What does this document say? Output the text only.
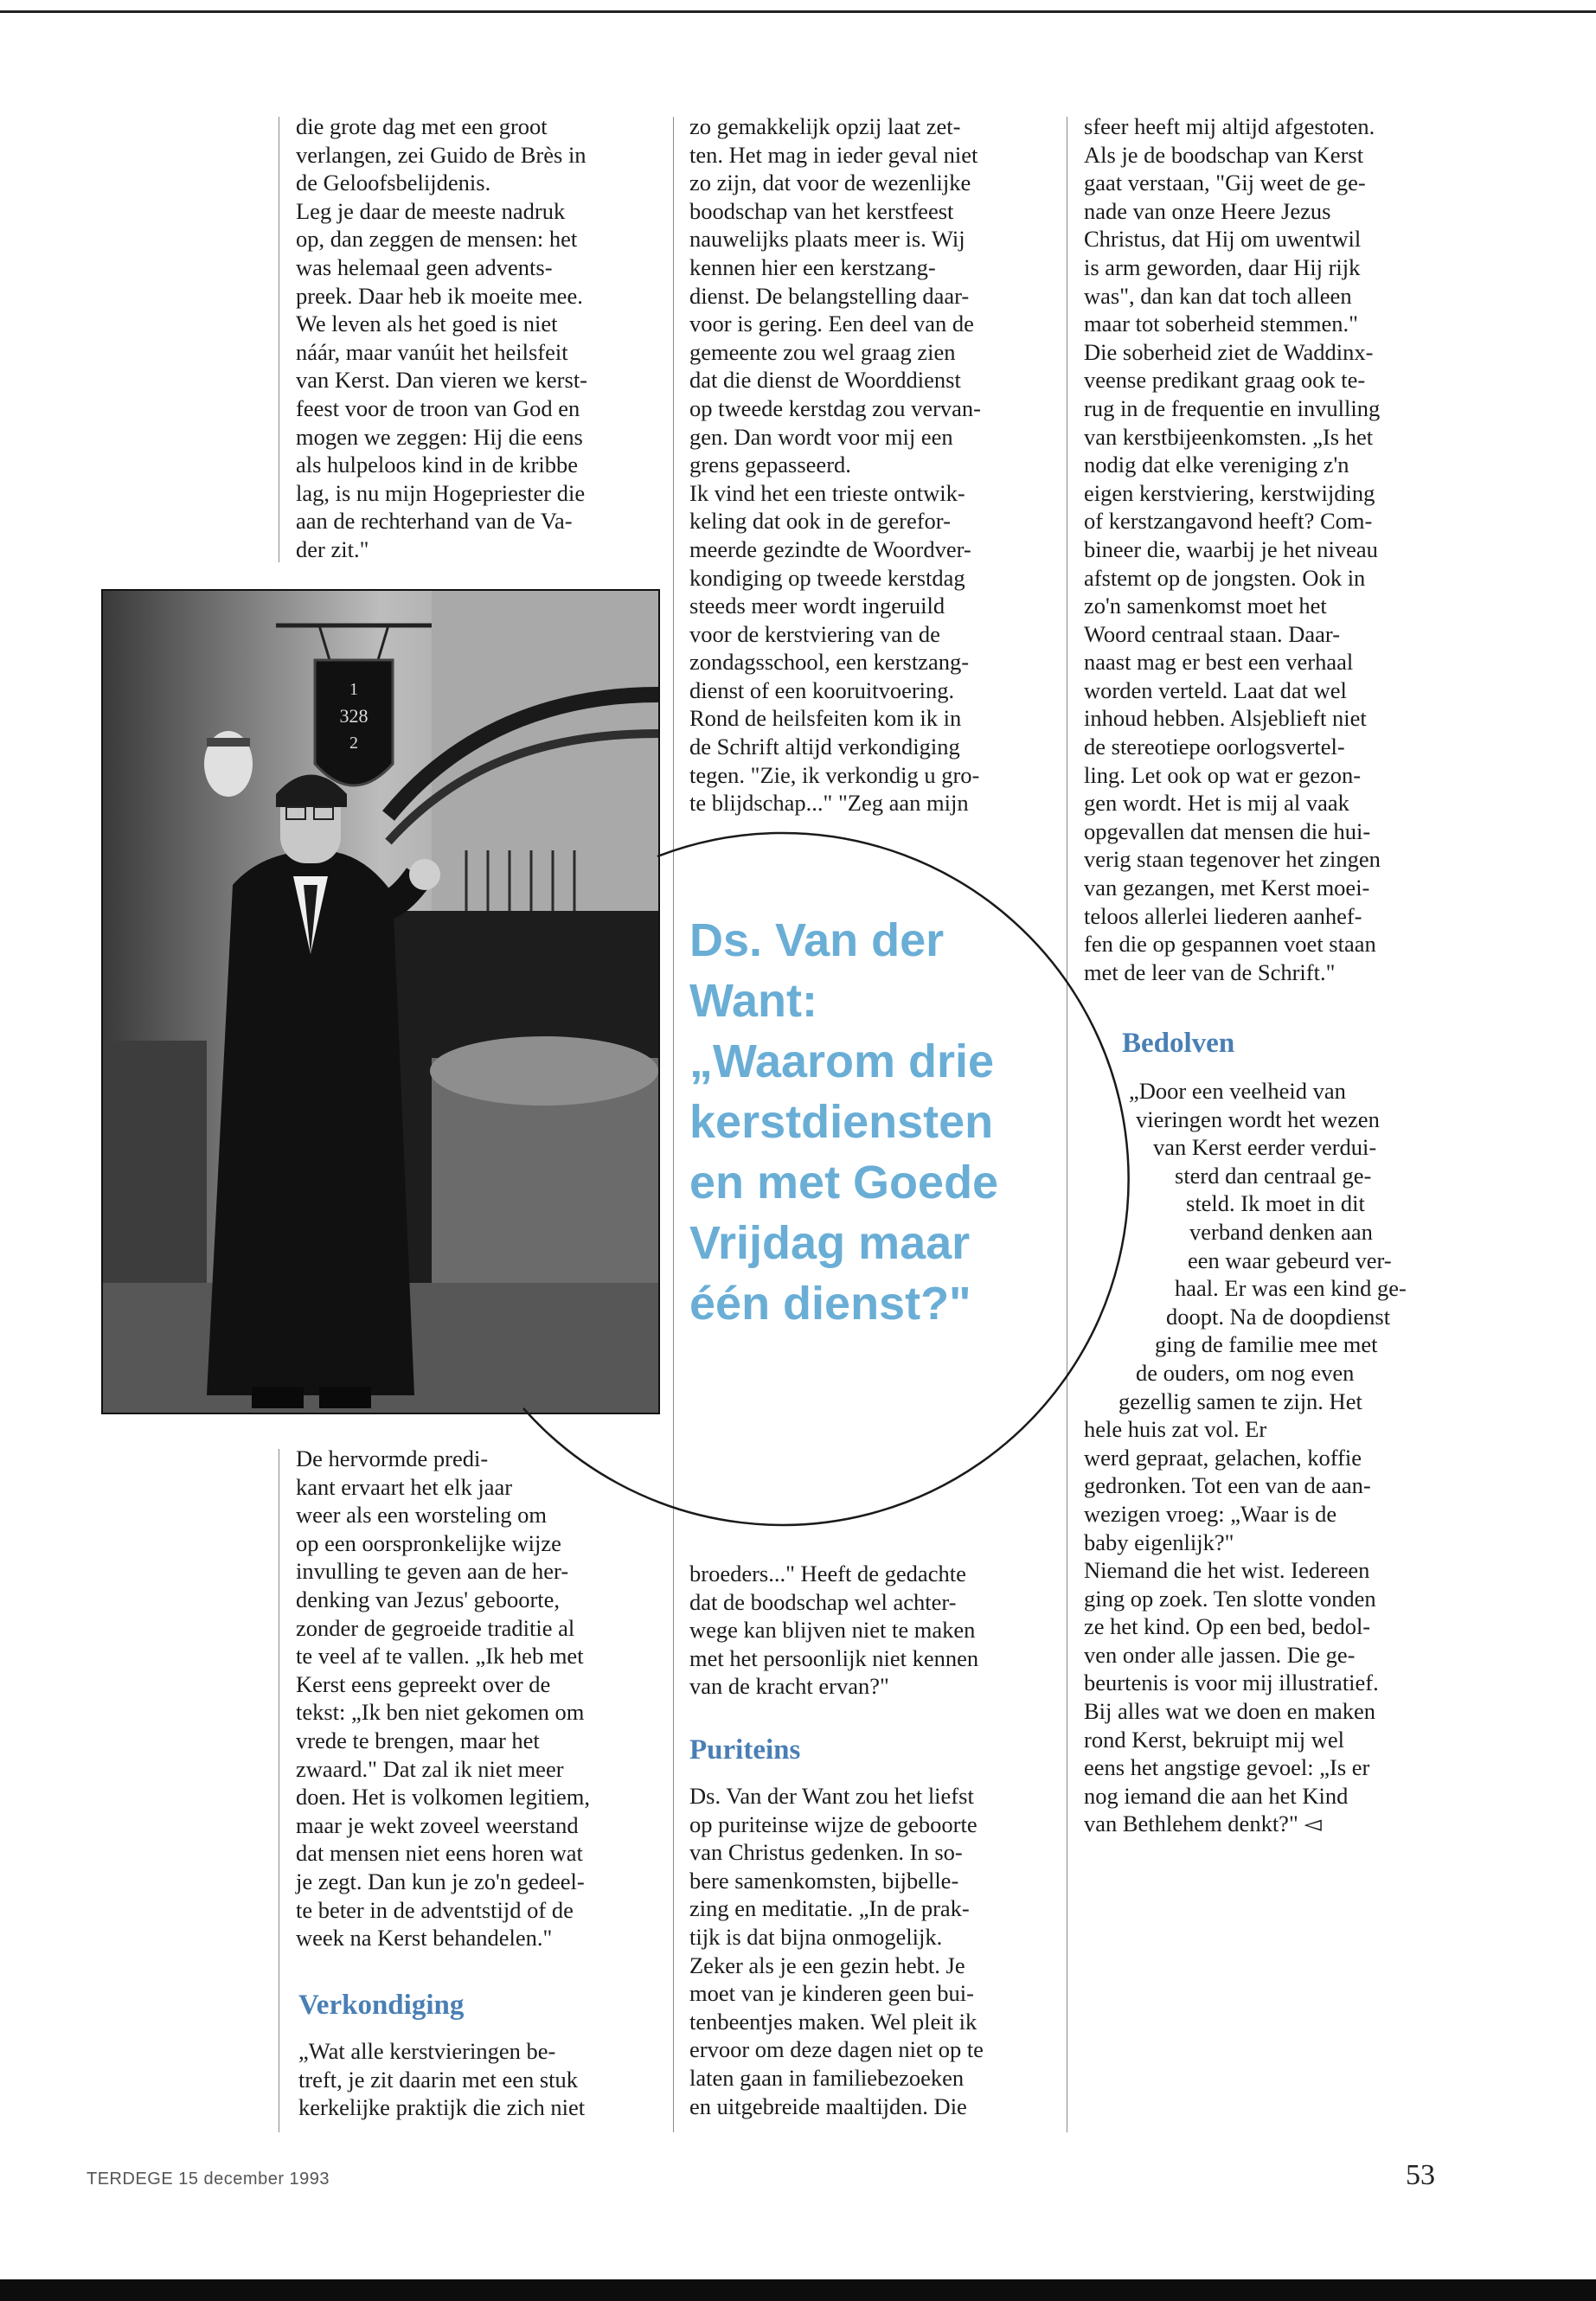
die grote dag met een groot

verlangen, zei Guido de Brès in

de Geloofsbelijdenis.

Leg je daar de meeste nadruk

op, dan zeggen de mensen: het

was helemaal geen advents-

preek. Daar heb ik moeite mee.

We leven als het goed is niet

náár, maar vanúit het heilsfeit

van Kerst. Dan vieren we kerst-

feest voor de troon van God en

mogen we zeggen: Hij die eens

als hulpeloos kind in de kribbe

lag, is nu mijn Hogepriester die

aan de rechterhand van de Va-

der zit."

1
328
2

De hervormde predi-

kant ervaart het elk jaar

weer als een worsteling om

op een oorspronkelijke wijze

invulling te geven aan de her-

denking van Jezus' geboorte,

zonder de gegroeide traditie al

te veel af te vallen. „Ik heb met

Kerst eens gepreekt over de

tekst: „Ik ben niet gekomen om

vrede te brengen, maar het

zwaard." Dat zal ik niet meer

doen. Het is volkomen legitiem,

maar je wekt zoveel weerstand

dat mensen niet eens horen wat

je zegt. Dan kun je zo'n gedeel-

te beter in de adventstijd of de

week na Kerst behandelen."

Verkondiging

„Wat alle kerstvieringen be-

treft, je zit daarin met een stuk

kerkelijke praktijk die zich niet

zo gemakkelijk opzij laat zet-

ten. Het mag in ieder geval niet

zo zijn, dat voor de wezenlijke

boodschap van het kerstfeest

nauwelijks plaats meer is. Wij

kennen hier een kerstzang-

dienst. De belangstelling daar-

voor is gering. Een deel van de

gemeente zou wel graag zien

dat die dienst de Woorddienst

op tweede kerstdag zou vervan-

gen. Dan wordt voor mij een

grens gepasseerd.

Ik vind het een trieste ontwik-

keling dat ook in de gerefor-

meerde gezindte de Woordver-

kondiging op tweede kerstdag

steeds meer wordt ingeruild

voor de kerstviering van de

zondagsschool, een kerstzang-

dienst of een kooruitvoering.

Rond de heilsfeiten kom ik in

de Schrift altijd verkondiging

tegen. "Zie, ik verkondig u gro-

te blijdschap..." "Zeg aan mijn

Ds. Van der
Want:
„Waarom drie
kerstdiensten
en met Goede
Vrijdag maar
één dienst?"

broeders..." Heeft de gedachte

dat de boodschap wel achter-

wege kan blijven niet te maken

met het persoonlijk niet kennen

van de kracht ervan?"

Puriteins

Ds. Van der Want zou het liefst

op puriteinse wijze de geboorte

van Christus gedenken. In so-

bere samenkomsten, bijbelle-

zing en meditatie. „In de prak-

tijk is dat bijna onmogelijk.

Zeker als je een gezin hebt. Je

moet van je kinderen geen bui-

tenbeentjes maken. Wel pleit ik

ervoor om deze dagen niet op te

laten gaan in familiebezoeken

en uitgebreide maaltijden. Die

sfeer heeft mij altijd afgestoten.

Als je de boodschap van Kerst

gaat verstaan, "Gij weet de ge-

nade van onze Heere Jezus

Christus, dat Hij om uwentwil

is arm geworden, daar Hij rijk

was", dan kan dat toch alleen

maar tot soberheid stemmen."

Die soberheid ziet de Waddinx-

veense predikant graag ook te-

rug in de frequentie en invulling

van kerstbijeenkomsten. „Is het

nodig dat elke vereniging z'n

eigen kerstviering, kerstwijding

of kerstzangavond heeft? Com-

bineer die, waarbij je het niveau

afstemt op de jongsten. Ook in

zo'n samenkomst moet het

Woord centraal staan. Daar-

naast mag er best een verhaal

worden verteld. Laat dat wel

inhoud hebben. Alsjeblieft niet

de stereotiepe oorlogsvertel-

ling. Let ook op wat er gezon-

gen wordt. Het is mij al vaak

opgevallen dat mensen die hui-

verig staan tegenover het zingen

van gezangen, met Kerst moei-

teloos allerlei liederen aanhef-

fen die op gespannen voet staan

met de leer van de Schrift."

Bedolven

„Door een veelheid van

vieringen wordt het wezen

van Kerst eerder verdui-

sterd dan centraal ge-

steld. Ik moet in dit

verband denken aan

een waar gebeurd ver-

haal. Er was een kind ge-

doopt. Na de doopdienst

ging de familie mee met

de ouders, om nog even

gezellig samen te zijn. Het

hele huis zat vol. Er

werd gepraat, gelachen, koffie

gedronken. Tot een van de aan-

wezigen vroeg: „Waar is de

baby eigenlijk?"

Niemand die het wist. Iedereen

ging op zoek. Ten slotte vonden

ze het kind. Op een bed, bedol-

ven onder alle jassen. Die ge-

beurtenis is voor mij illustratief.

Bij alles wat we doen en maken

rond Kerst, bekruipt mij wel

eens het angstige gevoel: „Is er

nog iemand die aan het Kind

van Bethlehem denkt?" ◅

TERDEGE 15 december 1993	53
